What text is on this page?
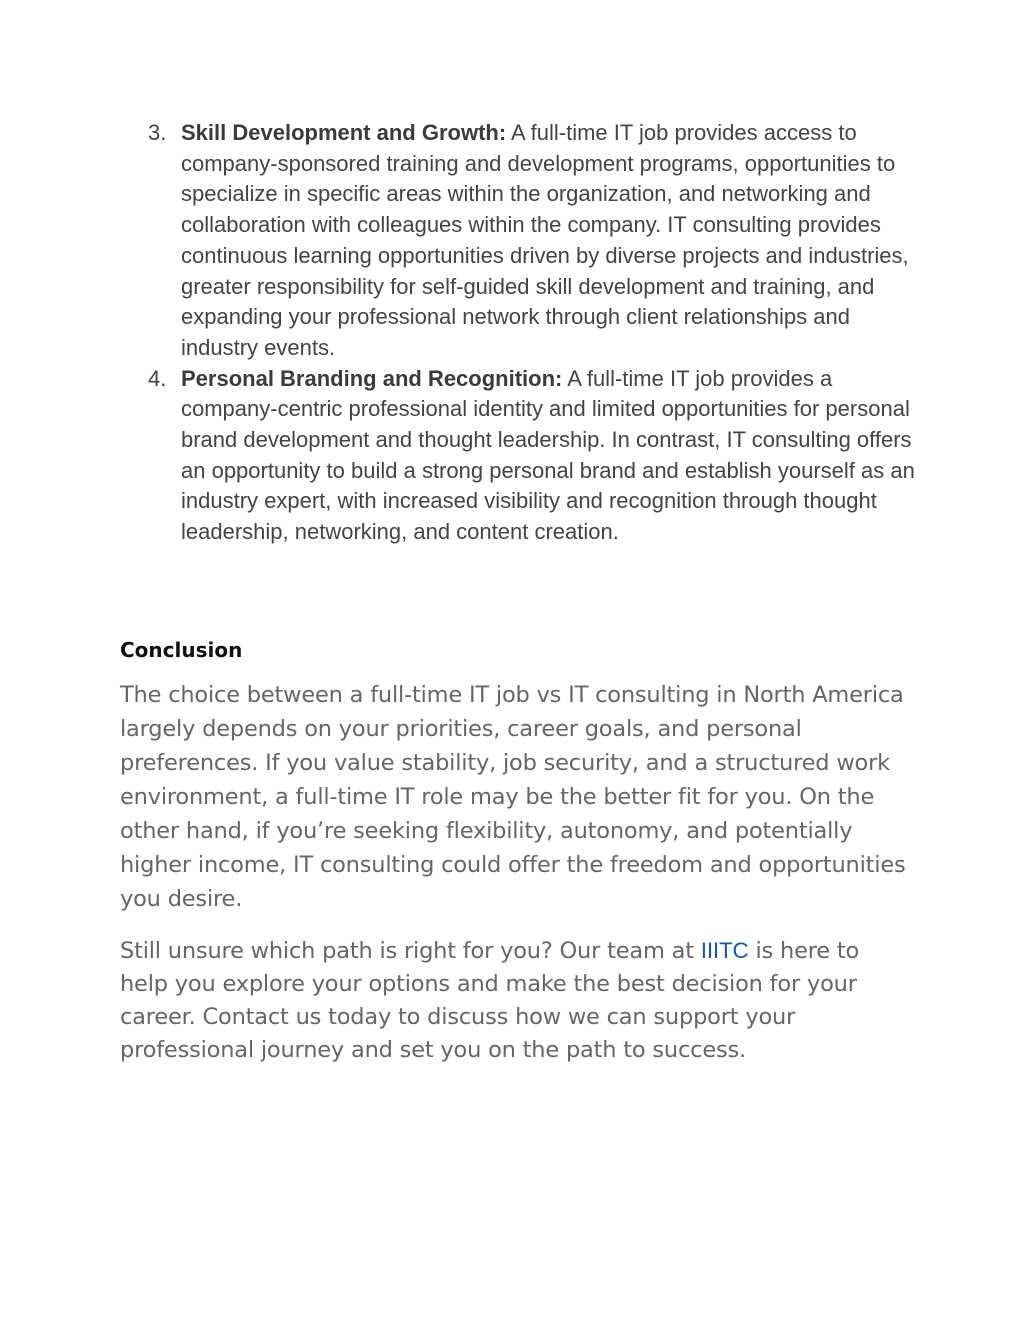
3. Skill Development and Growth: A full-time IT job provides access to company-sponsored training and development programs, opportunities to specialize in specific areas within the organization, and networking and collaboration with colleagues within the company. IT consulting provides continuous learning opportunities driven by diverse projects and industries, greater responsibility for self-guided skill development and training, and expanding your professional network through client relationships and industry events.
4. Personal Branding and Recognition: A full-time IT job provides a company-centric professional identity and limited opportunities for personal brand development and thought leadership. In contrast, IT consulting offers an opportunity to build a strong personal brand and establish yourself as an industry expert, with increased visibility and recognition through thought leadership, networking, and content creation.
Conclusion

The choice between a full-time IT job vs IT consulting in North America largely depends on your priorities, career goals, and personal preferences. If you value stability, job security, and a structured work environment, a full-time IT role may be the better fit for you. On the other hand, if you’re seeking flexibility, autonomy, and potentially higher income, IT consulting could offer the freedom and opportunities you desire.

Still unsure which path is right for you? Our team at IIITC is here to help you explore your options and make the best decision for your career. Contact us today to discuss how we can support your professional journey and set you on the path to success.
